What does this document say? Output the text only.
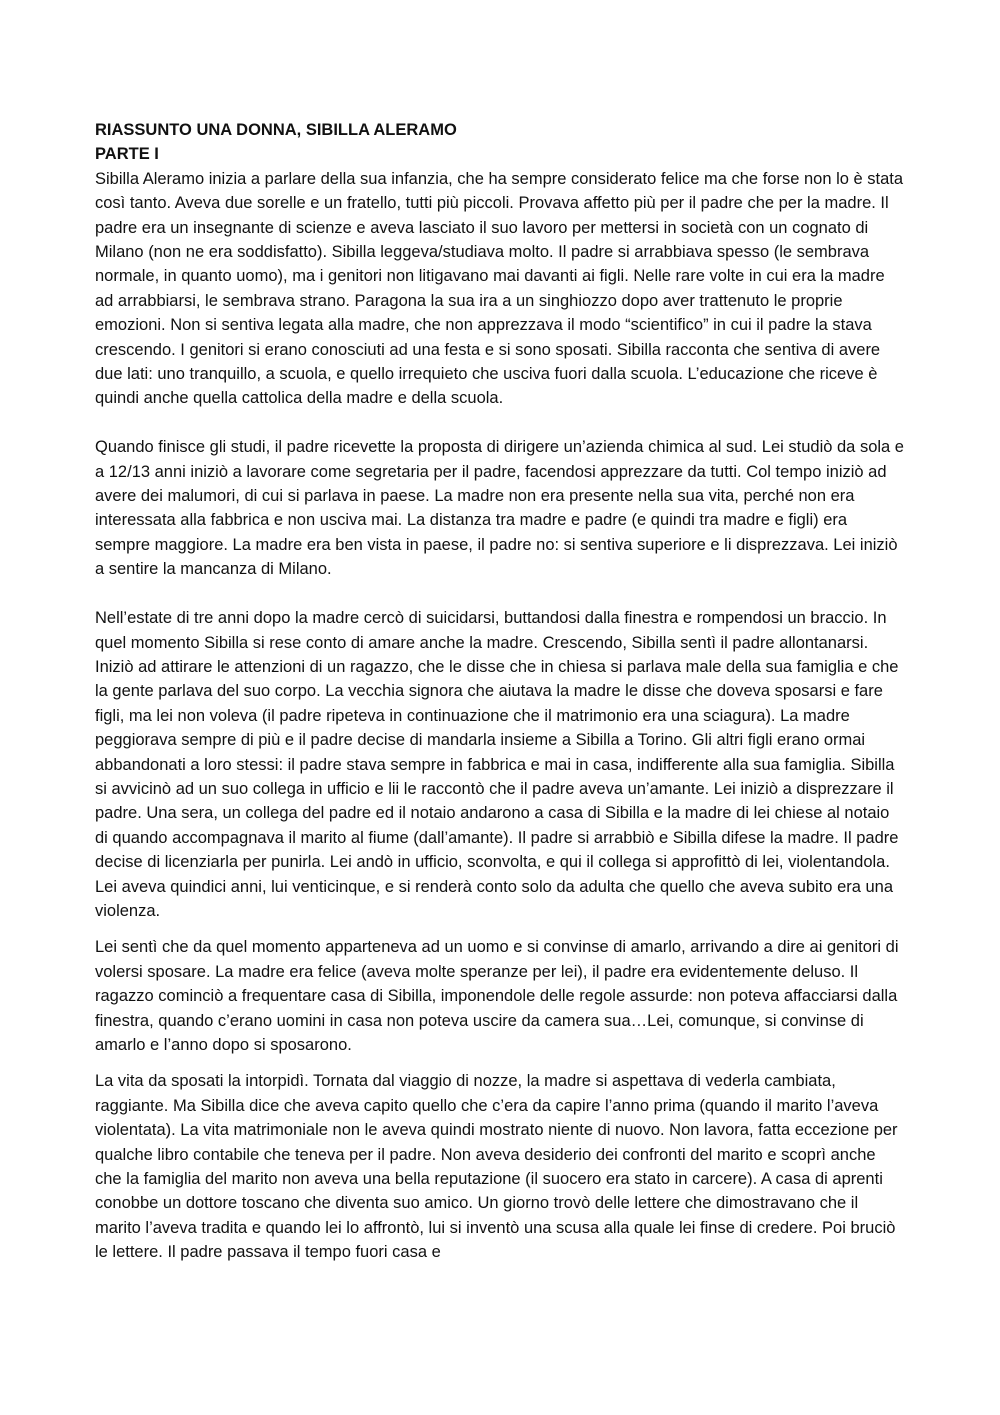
RIASSUNTO UNA DONNA, SIBILLA ALERAMO

PARTE I

Sibilla Aleramo inizia a parlare della sua infanzia, che ha sempre considerato felice ma che forse non lo è stata così tanto. Aveva due sorelle e un fratello, tutti più piccoli. Provava affetto più per il padre che per la madre. Il padre era un insegnante di scienze e aveva lasciato il suo lavoro per mettersi in società con un cognato di Milano (non ne era soddisfatto). Sibilla leggeva/studiava molto. Il padre si arrabbiava spesso (le sembrava normale, in quanto uomo), ma i genitori non litigavano mai davanti ai figli. Nelle rare volte in cui era la madre ad arrabbiarsi, le sembrava strano. Paragona la sua ira a un singhiozzo dopo aver trattenuto le proprie emozioni. Non si sentiva legata alla madre, che non apprezzava il modo “scientifico” in cui il padre la stava crescendo. I genitori si erano conosciuti ad una festa e si sono sposati. Sibilla racconta che sentiva di avere due lati: uno tranquillo, a scuola, e quello irrequieto che usciva fuori dalla scuola. L’educazione che riceve è quindi anche quella cattolica della madre e della scuola.

Quando finisce gli studi, il padre ricevette la proposta di dirigere un’azienda chimica al sud. Lei studiò da sola e a 12/13 anni iniziò a lavorare come segretaria per il padre, facendosi apprezzare da tutti. Col tempo iniziò ad avere dei malumori, di cui si parlava in paese. La madre non era presente nella sua vita, perché non era interessata alla fabbrica e non usciva mai. La distanza tra madre e padre (e quindi tra madre e figli) era sempre maggiore. La madre era ben vista in paese, il padre no: si sentiva superiore e li disprezzava. Lei iniziò a sentire la mancanza di Milano.

Nell’estate di tre anni dopo la madre cercò di suicidarsi, buttandosi dalla finestra e rompendosi un braccio. In quel momento Sibilla si rese conto di amare anche la madre. Crescendo, Sibilla sentì il padre allontanarsi. Iniziò ad attirare le attenzioni di un ragazzo, che le disse che in chiesa si parlava male della sua famiglia e che la gente parlava del suo corpo. La vecchia signora che aiutava la madre le disse che doveva sposarsi e fare figli, ma lei non voleva (il padre ripeteva in continuazione che il matrimonio era una sciagura). La madre peggiorava sempre di più e il padre decise di mandarla insieme a Sibilla a Torino. Gli altri figli erano ormai abbandonati a loro stessi: il padre stava sempre in fabbrica e mai in casa, indifferente alla sua famiglia. Sibilla si avvicinò ad un suo collega in ufficio e lii le raccontò che il padre aveva un’amante. Lei iniziò a disprezzare il padre. Una sera, un collega del padre ed il notaio andarono a casa di Sibilla e la madre di lei chiese al notaio di quando accompagnava il marito al fiume (dall’amante). Il padre si arrabbiò e Sibilla difese la madre. Il padre decise di licenziarla per punirla. Lei andò in ufficio, sconvolta, e qui il collega si approfittò di lei, violentandola. Lei aveva quindici anni, lui venticinque, e si renderà conto solo da adulta che quello che aveva subito era una violenza.

Lei sentì che da quel momento apparteneva ad un uomo e si convinse di amarlo, arrivando a dire ai genitori di volersi sposare. La madre era felice (aveva molte speranze per lei), il padre era evidentemente deluso. Il ragazzo cominciò a frequentare casa di Sibilla, imponendole delle regole assurde: non poteva affacciarsi dalla finestra, quando c’erano uomini in casa non poteva uscire da camera sua…Lei, comunque, si convinse di amarlo e l’anno dopo si sposarono.

La vita da sposati la intorpidì. Tornata dal viaggio di nozze, la madre si aspettava di vederla cambiata, raggiante. Ma Sibilla dice che aveva capito quello che c’era da capire l’anno prima (quando il marito l’aveva violentata). La vita matrimoniale non le aveva quindi mostrato niente di nuovo. Non lavora, fatta eccezione per qualche libro contabile che teneva per il padre. Non aveva desiderio dei confronti del marito e scoprì anche che la famiglia del marito non aveva una bella reputazione (il suocero era stato in carcere). A casa di aprenti conobbe un dottore toscano che diventa suo amico. Un giorno trovò delle lettere che dimostravano che il marito l’aveva tradita e quando lei lo affrontò, lui si inventò una scusa alla quale lei finse di credere. Poi bruciò le lettere. Il padre passava il tempo fuori casa e
